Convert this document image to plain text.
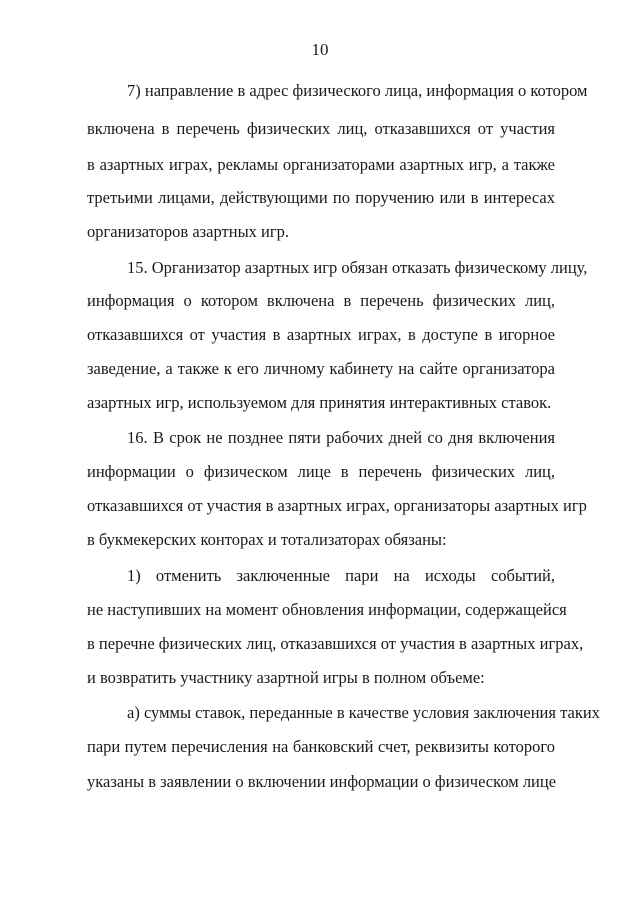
10
7) направление в адрес физического лица, информация о котором
включена в перечень физических лиц, отказавшихся от участия
в азартных играх, рекламы организаторами азартных игр, а также
третьими лицами, действующими по поручению или в интересах
организаторов азартных игр.
15. Организатор азартных игр обязан отказать физическому лицу,
информация о котором включена в перечень физических лиц,
отказавшихся от участия в азартных играх, в доступе в игорное
заведение, а также к его личному кабинету на сайте организатора
азартных игр, используемом для принятия интерактивных ставок.
16. В срок не позднее пяти рабочих дней со дня включения
информации о физическом лице в перечень физических лиц,
отказавшихся от участия в азартных играх, организаторы азартных игр
в букмекерских конторах и тотализаторах обязаны:
1) отменить заключенные пари на исходы событий,
не наступивших на момент обновления информации, содержащейся
в перечне физических лиц, отказавшихся от участия в азартных играх,
и возвратить участнику азартной игры в полном объеме:
а) суммы ставок, переданные в качестве условия заключения таких
пари путем перечисления на банковский счет, реквизиты которого
указаны в заявлении о включении информации о физическом лице
